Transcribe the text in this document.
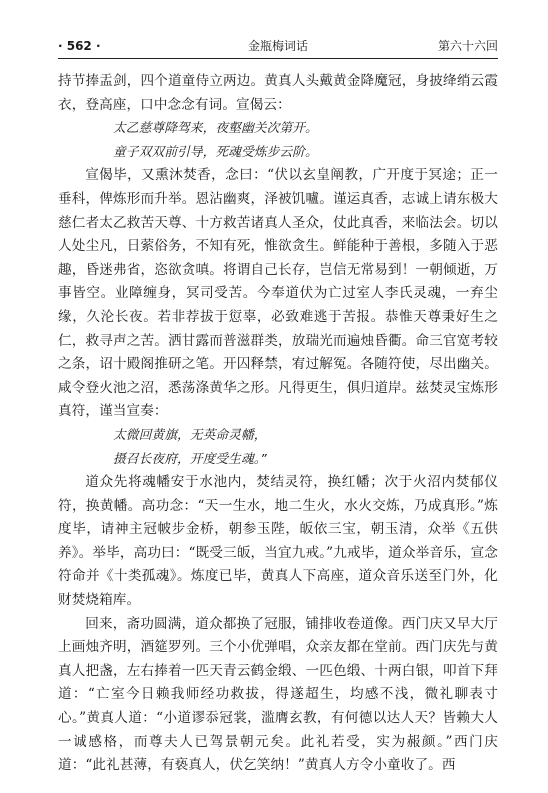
· 562 ·	金瓶梅词话	第六十六回

持节捧盂剑，四个道童侍立两边。黄真人头戴黄金降魔冠，身披绛绡云霞衣，登高座，口中念念有词。宣偈云：

太乙慈尊降驾来，夜壑幽关次第开。

童子双双前引导，死魂受炼步云阶。

宣偈毕，又熏沐焚香，念曰：“伏以玄皇阐教，广开度于冥途；正一垂科，俾炼形而升举。恩沾幽爽，泽被饥嚧。谨运真香，志诚上请东极大慈仁者太乙救苦天尊、十方救苦诸真人圣众，仗此真香，来临法会。切以人处尘凡，日萦俗务，不知有死，惟欲贪生。鲜能种于善根，多随入于恶趣，昏迷弗省，恣欲贪嗔。将谓自己长存，岂信无常易到！一朝倾逝，万事皆空。业障缠身，冥司受苦。今奉道伏为亡过室人李氏灵魂，一弃尘缘，久沦长夜。若非荐拔于愆辜，必致难逃于苦报。恭惟天尊秉好生之仁，救寻声之苦。洒甘露而普滋群类，放瑞光而遍烛昏衢。命三官宽考较之条，诏十殿阁推研之笔。开囚释禁，宥过解冤。各随符使，尽出幽关。咸令登火池之沼，悉荡涤黄华之形。凡得更生，俱归道岸。兹焚灵宝炼形真符，谨当宣奏：

太微回黄旗，无英命灵幡，

摄召长夜府，开度受生魂。”

道众先将魂幡安于水池内，焚结灵符，换红幡；次于火沼内焚郁仪符，换黄幡。高功念：“天一生水，地二生火，水火交炼，乃成真形。”炼度毕，请神主冠帔步金桥，朝参玉陛，皈依三宝，朝玉清，众举《五供养》。举毕，高功曰：“既受三皈，当宜九戒。”九戒毕，道众举音乐，宣念符命并《十类孤魂》。炼度已毕，黄真人下高座，道众音乐送至门外，化财焚烧箱库。

回来，斋功圆满，道众都换了冠服，铺排收卷道像。西门庆又早大厅上画烛齐明，酒筵罗列。三个小优弹唱，众亲友都在堂前。西门庆先与黄真人把盏，左右捧着一匹天青云鹤金缎、一匹色缎、十两白银，叩首下拜道：“亡室今日赖我师经功救拔，得遂超生，均感不浅，微礼聊表寸心。”黄真人道：“小道谬忝冠裳，滥膺玄教，有何德以达人天？皆赖大人一诚感格，而尊夫人已驾景朝元矣。此礼若受，实为赧颜。”西门庆道：“此礼甚薄，有亵真人，伏乞笑纳！”黄真人方令小童收了。西
